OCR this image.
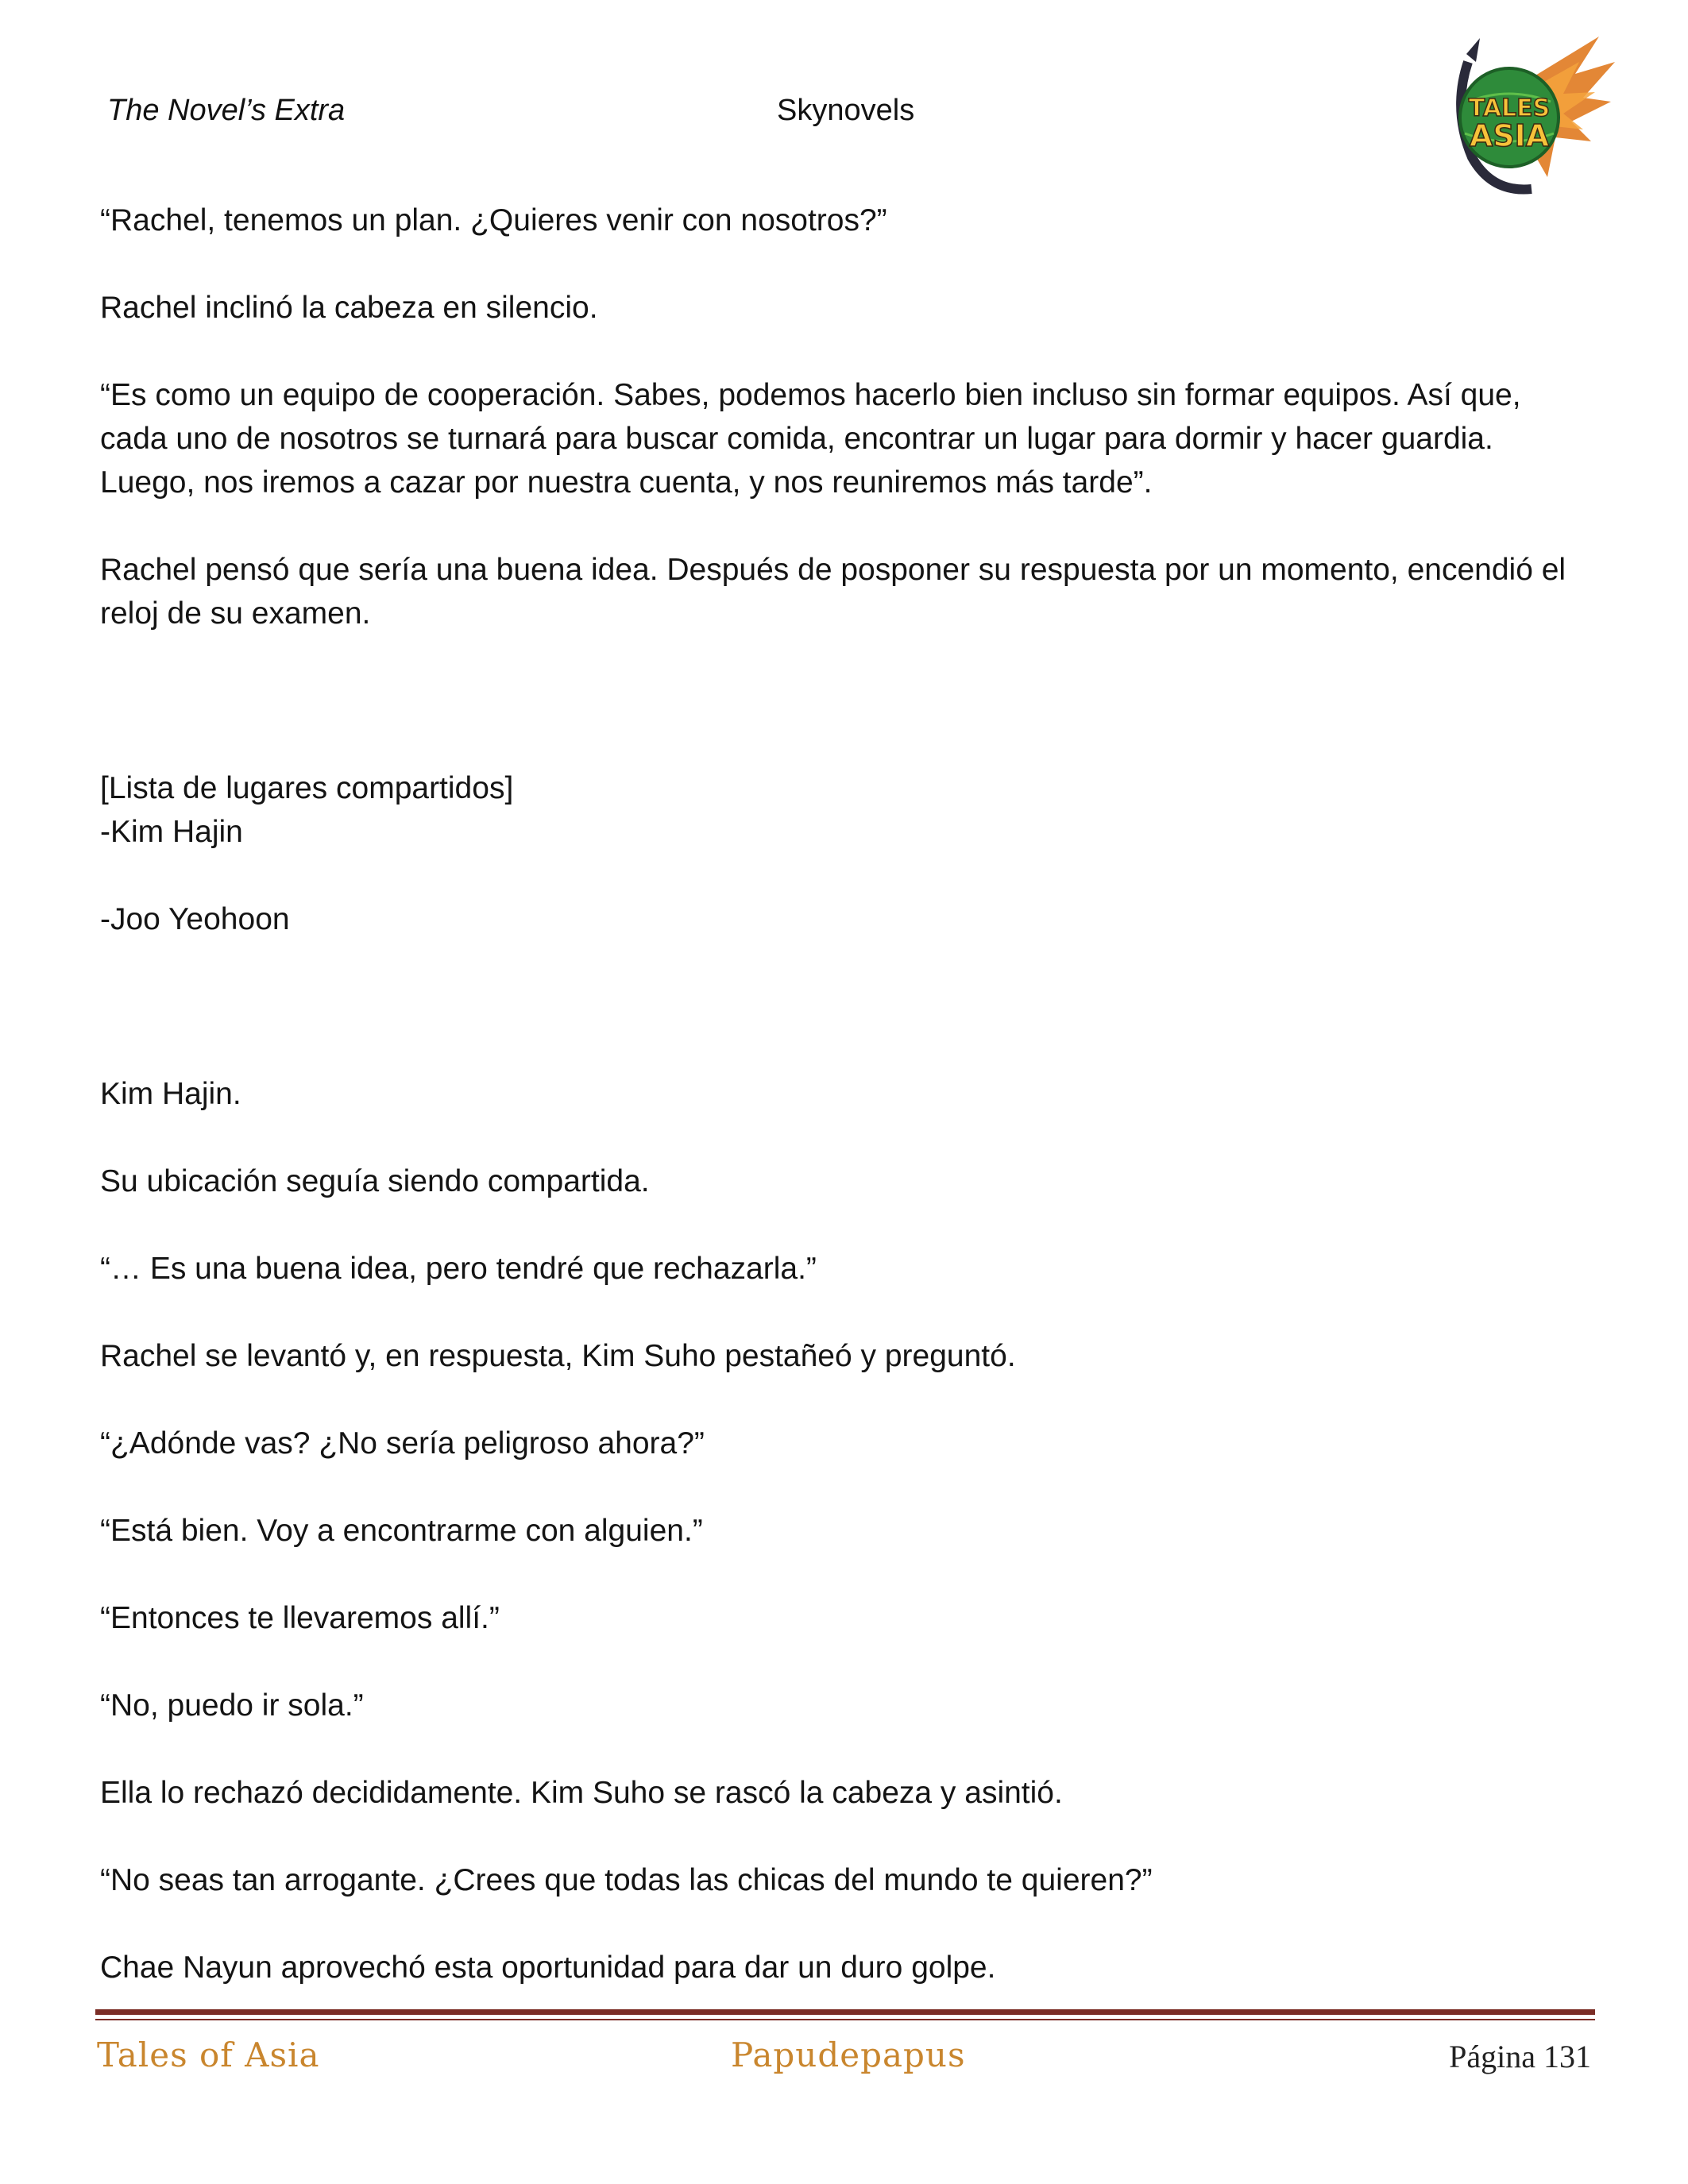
The Novel’s Extra	Skynovels	TALES
ASIA

“Rachel, tenemos un plan. ¿Quieres venir con nosotros?”

Rachel inclinó la cabeza en silencio.

“Es como un equipo de cooperación. Sabes, podemos hacerlo bien incluso sin formar equipos. Así que, cada uno de nosotros se turnará para buscar comida, encontrar un lugar para dormir y hacer guardia. Luego, nos iremos a cazar por nuestra cuenta, y nos reuniremos más tarde”.

Rachel pensó que sería una buena idea. Después de posponer su respuesta por un momento, encendió el reloj de su examen.

[Lista de lugares compartidos]

-Kim Hajin

-Joo Yeohoon

Kim Hajin.

Su ubicación seguía siendo compartida.

“… Es una buena idea, pero tendré que rechazarla.”

Rachel se levantó y, en respuesta, Kim Suho pestañeó y preguntó.

“¿Adónde vas? ¿No sería peligroso ahora?”

“Está bien. Voy a encontrarme con alguien.”

“Entonces te llevaremos allí.”

“No, puedo ir sola.”

Ella lo rechazó decididamente. Kim Suho se rascó la cabeza y asintió.

“No seas tan arrogante. ¿Crees que todas las chicas del mundo te quieren?”

Chae Nayun aprovechó esta oportunidad para dar un duro golpe.

Tales of Asia	Papudepapus	Página 131
